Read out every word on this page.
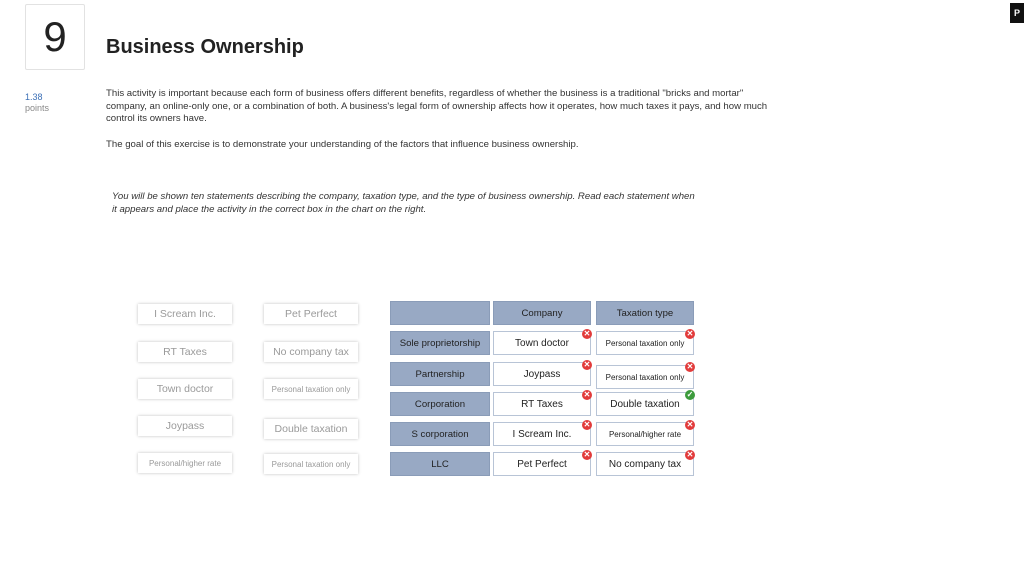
9	Business Ownership
P
1.38
points
This activity is important because each form of business offers different benefits, regardless of whether the business is a traditional "bricks and mortar" company, an online-only one, or a combination of both. A business's legal form of ownership affects how it operates, how much taxes it pays, and how much control its owners have.
The goal of this exercise is to demonstrate your understanding of the factors that influence business ownership.
You will be shown ten statements describing the company, taxation type, and the type of business ownership. Read each statement when it appears and place the activity in the correct box in the chart on the right.
I Scream Inc.
RT Taxes
Town doctor
Joypass
Personal/higher rate
Pet Perfect
No company tax
Personal taxation only
Double taxation
Personal taxation only
Company	Taxation type
Sole proprietorship	Town doctor	Personal taxation only
✕	✕
Partnership	Joypass	Personal taxation only
✕	✕
Corporation	RT Taxes	Double taxation
✕	✓
S corporation	I Scream Inc.	Personal/higher rate
✕	✕
LLC	Pet Perfect	No company tax
✕	✕
